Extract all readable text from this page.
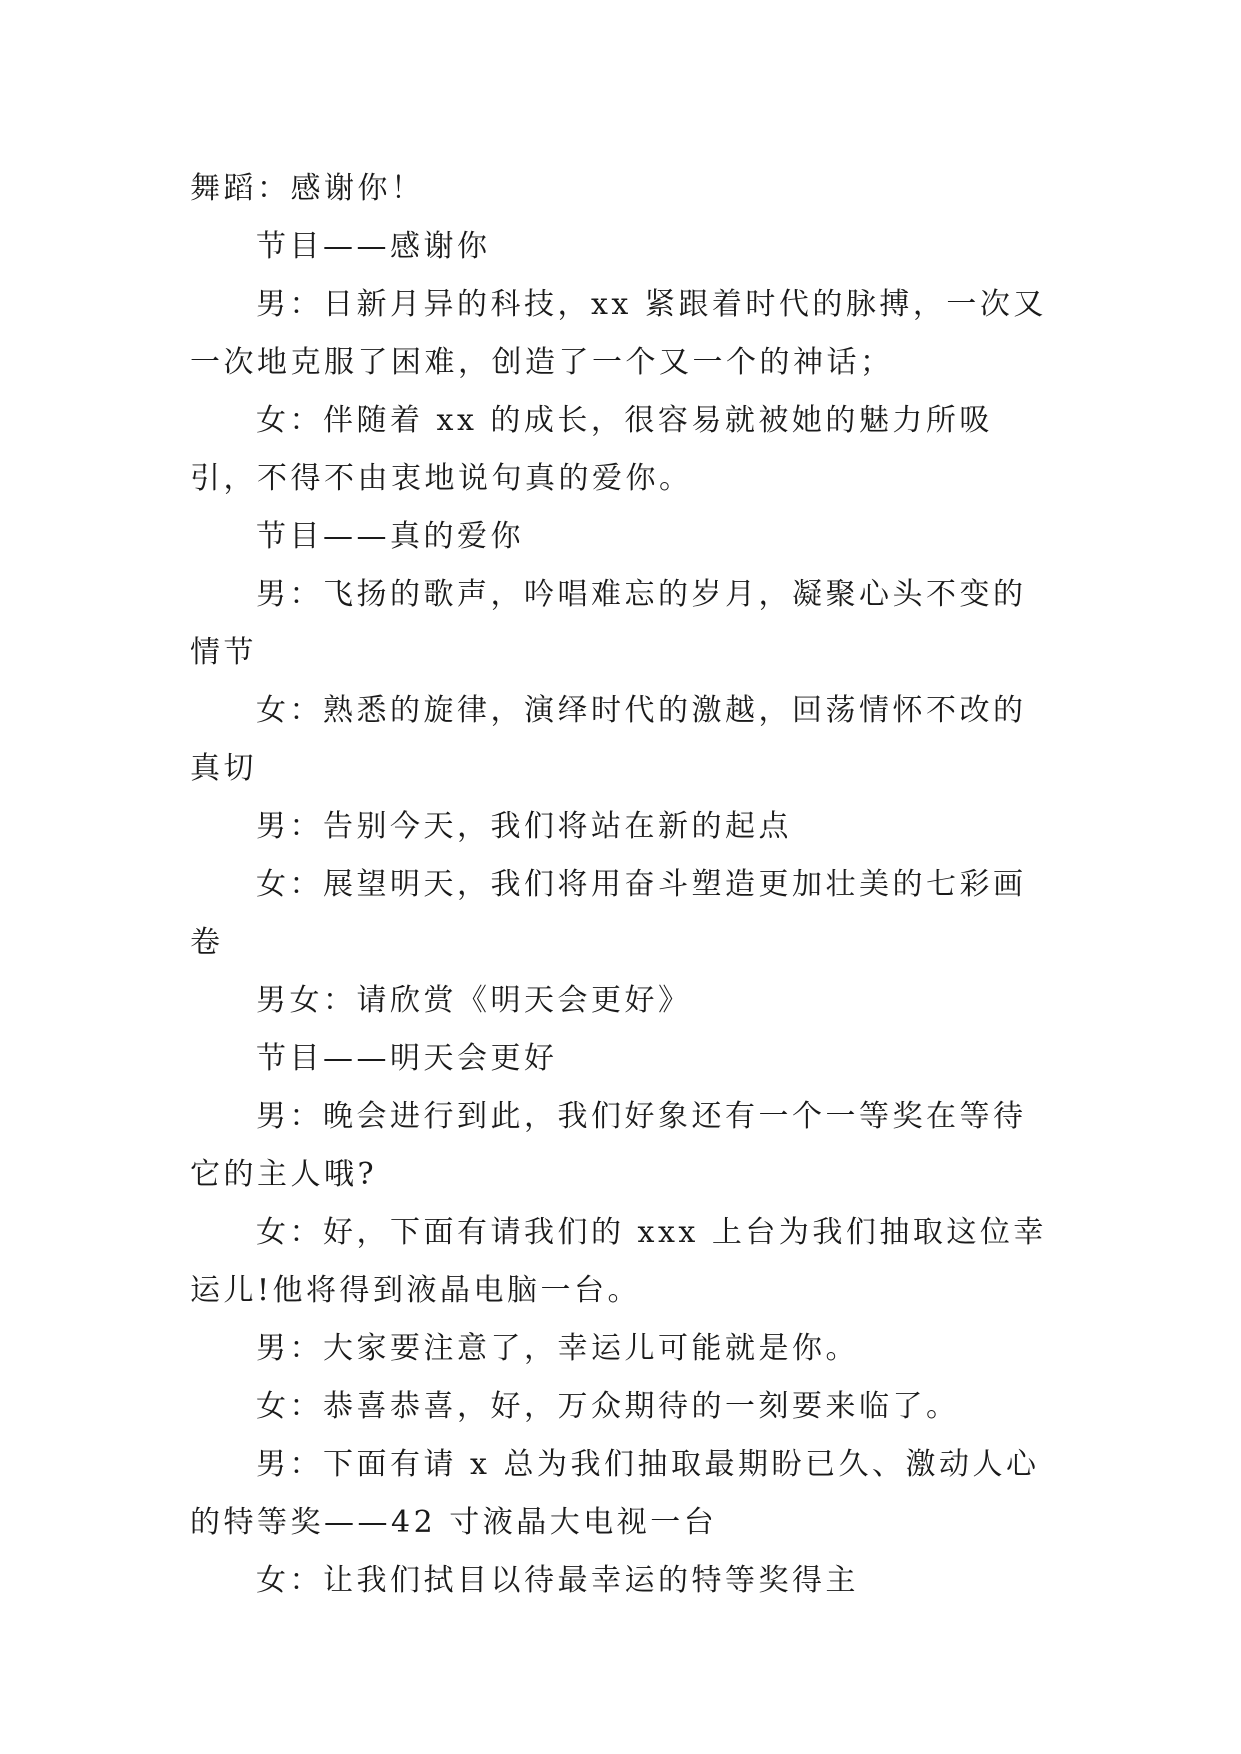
舞蹈：感谢你！

节目——感谢你

男：日新月异的科技，xx 紧跟着时代的脉搏，一次又一次地克服了困难，创造了一个又一个的神话；

女：伴随着 xx 的成长，很容易就被她的魅力所吸引，不得不由衷地说句真的爱你。

节目——真的爱你

男：飞扬的歌声，吟唱难忘的岁月，凝聚心头不变的情节

女：熟悉的旋律，演绎时代的激越，回荡情怀不改的真切

男：告别今天，我们将站在新的起点

女：展望明天，我们将用奋斗塑造更加壮美的七彩画卷

男女：请欣赏《明天会更好》

节目——明天会更好

男：晚会进行到此，我们好象还有一个一等奖在等待它的主人哦?

女：好，下面有请我们的 xxx 上台为我们抽取这位幸运儿!他将得到液晶电脑一台。

男：大家要注意了，幸运儿可能就是你。

女：恭喜恭喜，好，万众期待的一刻要来临了。

男：下面有请 x 总为我们抽取最期盼已久、激动人心的特等奖——42 寸液晶大电视一台

女：让我们拭目以待最幸运的特等奖得主
